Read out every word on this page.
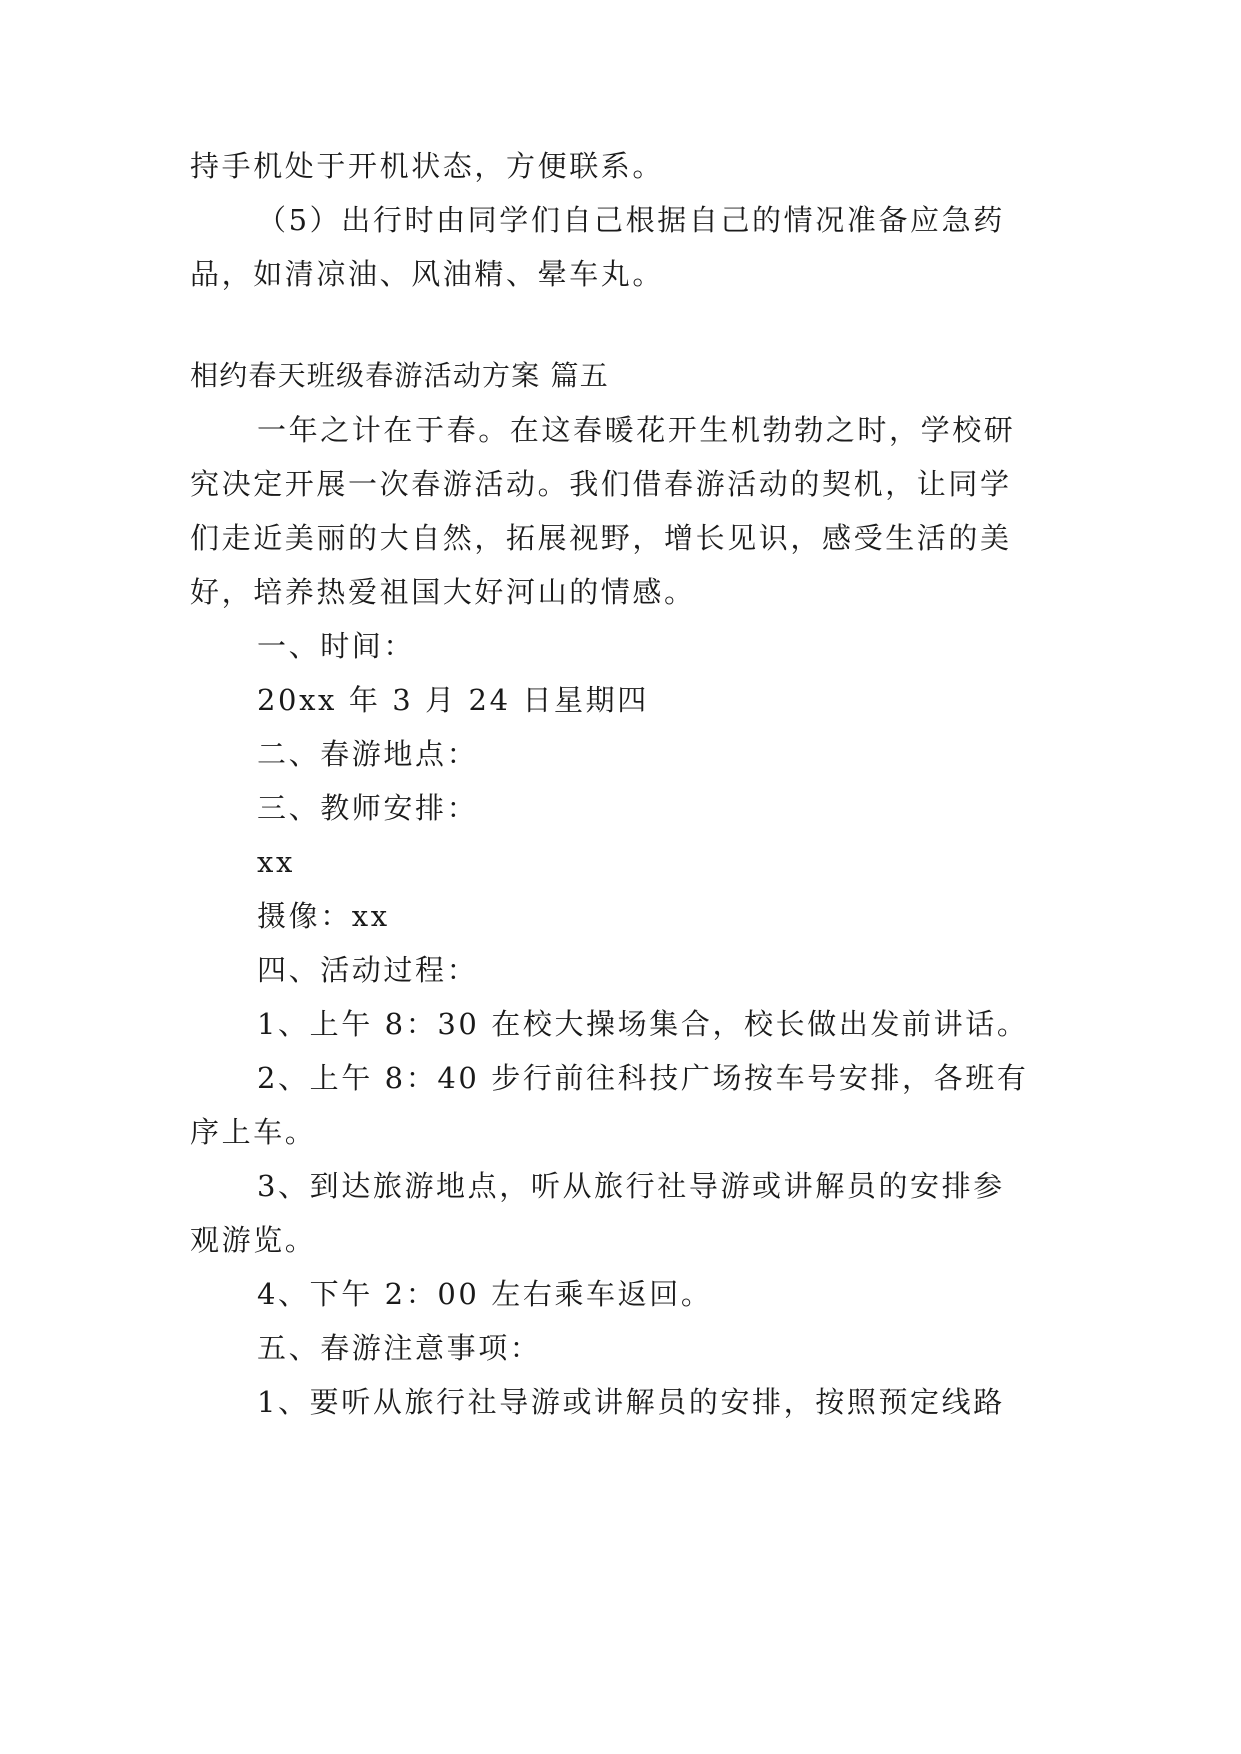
持手机处于开机状态，方便联系。
（5）出行时由同学们自己根据自己的情况准备应急药
品，如清凉油、风油精、晕车丸。
相约春天班级春游活动方案 篇五
一年之计在于春。在这春暖花开生机勃勃之时，学校研
究决定开展一次春游活动。我们借春游活动的契机，让同学
们走近美丽的大自然，拓展视野，增长见识，感受生活的美
好，培养热爱祖国大好河山的情感。
一、时间：
20xx 年 3 月 24 日星期四
二、春游地点：
三、教师安排：
xx
摄像：xx
四、活动过程：
1、上午 8：30 在校大操场集合，校长做出发前讲话。
2、上午 8：40 步行前往科技广场按车号安排，各班有
序上车。
3、到达旅游地点，听从旅行社导游或讲解员的安排参
观游览。
4、下午 2：00 左右乘车返回。
五、春游注意事项：
1、要听从旅行社导游或讲解员的安排，按照预定线路
